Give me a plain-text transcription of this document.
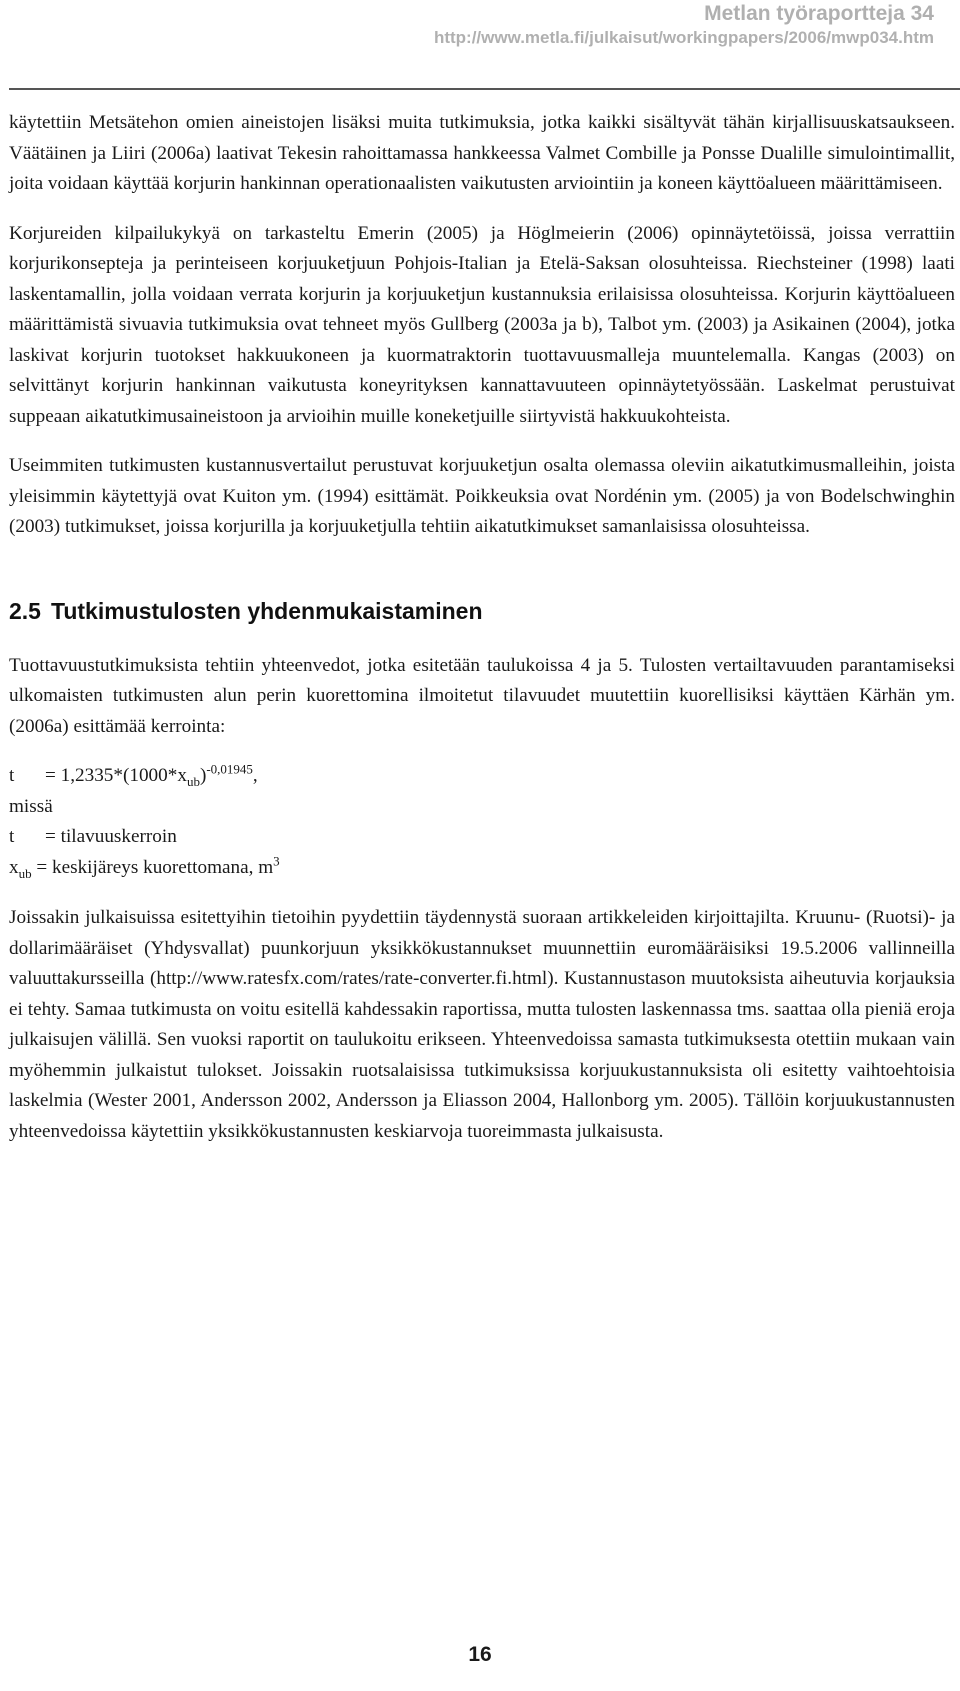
Metlan työraportteja 34
http://www.metla.fi/julkaisut/workingpapers/2006/mwp034.htm

käytettiin Metsätehon omien aineistojen lisäksi muita tutkimuksia, jotka kaikki sisältyvät tähän kirjallisuuskatsaukseen. Väätäinen ja Liiri (2006a) laativat Tekesin rahoittamassa hankkeessa Valmet Combille ja Ponsse Dualille simulointimallit, joita voidaan käyttää korjurin hankinnan operationaalisten vaikutusten arviointiin ja koneen käyttöalueen määrittämiseen.

Korjureiden kilpailukykyä on tarkasteltu Emerin (2005) ja Höglmeierin (2006) opinnäytetöissä, joissa verrattiin korjurikonsepteja ja perinteiseen korjuuketjuun Pohjois-Italian ja Etelä-Saksan olosuhteissa. Riechsteiner (1998) laati laskentamallin, jolla voidaan verrata korjurin ja korjuuketjun kustannuksia erilaisissa olosuhteissa. Korjurin käyttöalueen määrittämistä sivuavia tutkimuksia ovat tehneet myös Gullberg (2003a ja b), Talbot ym. (2003) ja Asikainen (2004), jotka laskivat korjurin tuotokset hakkuukoneen ja kuormatraktorin tuottavuusmalleja muuntelemalla. Kangas (2003) on selvittänyt korjurin hankinnan vaikutusta koneyrityksen kannattavuuteen opinnäytetyössään. Laskelmat perustuivat suppeaan aikatutkimusaineistoon ja arvioihin muille koneketjuille siirtyvistä hakkuukohteista.

Useimmiten tutkimusten kustannusvertailut perustuvat korjuuketjun osalta olemassa oleviin aikatutkimusmalleihin, joista yleisimmin käytettyjä ovat Kuiton ym. (1994) esittämät. Poikkeuksia ovat Nordénin ym. (2005) ja von Bodelschwinghin (2003) tutkimukset, joissa korjurilla ja korjuuketjulla tehtiin aikatutkimukset samanlaisissa olosuhteissa.

2.5 Tutkimustulosten yhdenmukaistaminen

Tuottavuustutkimuksista tehtiin yhteenvedot, jotka esitetään taulukoissa 4 ja 5. Tulosten vertailtavuuden parantamiseksi ulkomaisten tutkimusten alun perin kuorettomina ilmoitetut tilavuudet muutettiin kuorellisiksi käyttäen Kärhän ym. (2006a) esittämää kerrointa:

$t = 1,2335*(1000*x_{ub})^{-0,01945}$,
missä
t = tilavuuskerroin
$x_{ub}$ = keskijäreys kuorettomana, $m^3$

Joissakin julkaisuissa esitettyihin tietoihin pyydettiin täydennystä suoraan artikkeleiden kirjoittajilta. Kruunu- (Ruotsi)- ja dollarimääräiset (Yhdysvallat) puunkorjuun yksikkökustannukset muunnettiin euromääräisiksi 19.5.2006 vallinneilla valuuttakursseilla (http://www.ratesfx.com/rates/rate-converter.fi.html). Kustannustason muutoksista aiheutuvia korjauksia ei tehty. Samaa tutkimusta on voitu esitellä kahdessakin raportissa, mutta tulosten laskennassa tms. saattaa olla pieniä eroja julkaisujen välillä. Sen vuoksi raportit on taulukoitu erikseen. Yhteenvedoissa samasta tutkimuksesta otettiin mukaan vain myöhemmin julkaistut tulokset. Joissakin ruotsalaisissa tutkimuksissa korjuukustannuksista oli esitetty vaihtoehtoisia laskelmia (Wester 2001, Andersson 2002, Andersson ja Eliasson 2004, Hallonborg ym. 2005). Tällöin korjuukustannusten yhteenvedoissa käytettiin yksikkökustannusten keskiarvoja tuoreimmasta julkaisusta.

16
